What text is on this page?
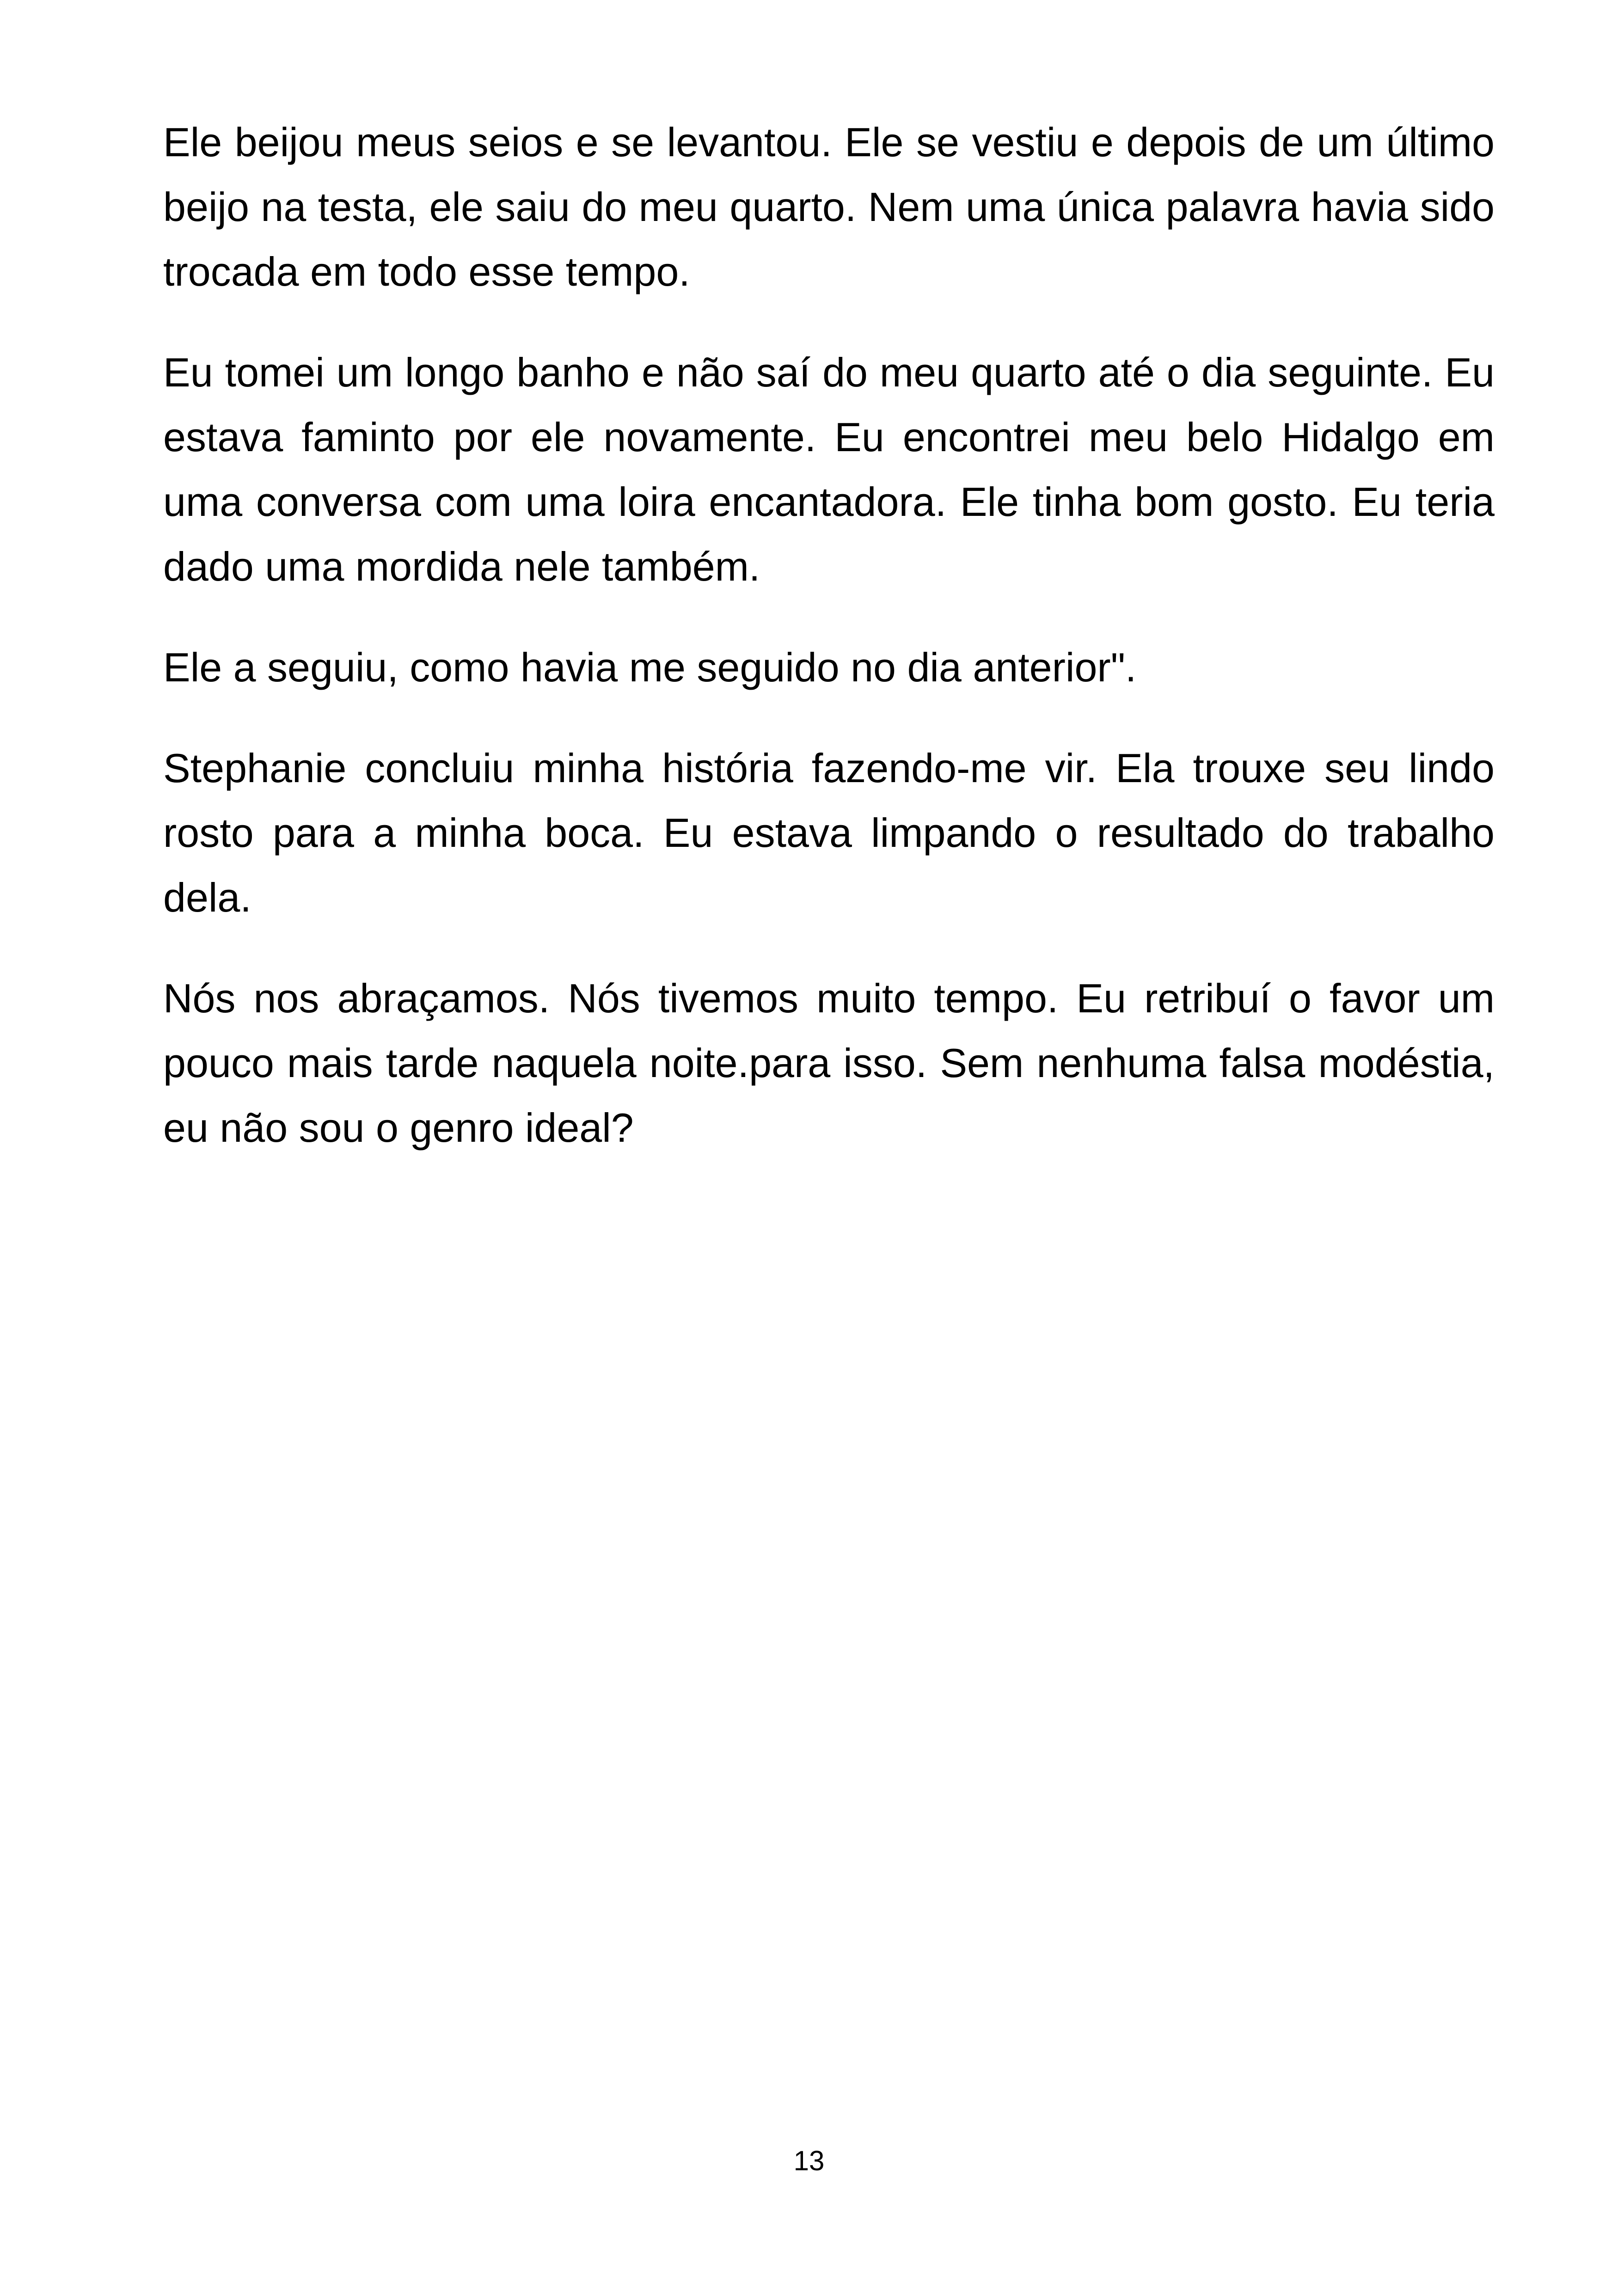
Ele beijou meus seios e se levantou. Ele se vestiu e depois de um último beijo na testa, ele saiu do meu quarto. Nem uma única palavra havia sido trocada em todo esse tempo.

Eu tomei um longo banho e não saí do meu quarto até o dia seguinte. Eu estava faminto por ele novamente. Eu encontrei meu belo Hidalgo em uma conversa com uma loira encantadora. Ele tinha bom gosto. Eu teria dado uma mordida nele também.

Ele a seguiu, como havia me seguido no dia anterior".

Stephanie concluiu minha história fazendo-me vir. Ela trouxe seu lindo rosto para a minha boca. Eu estava limpando o resultado do trabalho dela.

Nós nos abraçamos. Nós tivemos muito tempo. Eu retribuí o favor um pouco mais tarde naquela noite.para isso. Sem nenhuma falsa modéstia, eu não sou o genro ideal?

13
